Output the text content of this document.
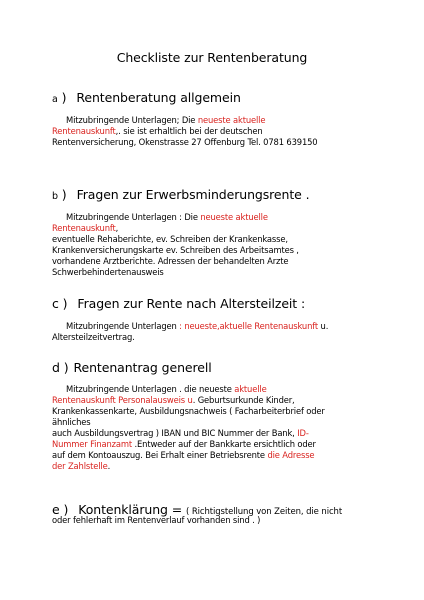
Checkliste zur Rentenberatung
a ) Rentenberatung allgemein
Mitzubringende Unterlagen; Die neueste aktuelle
Rentenauskunft,. sie ist erhaltlich bei der deutschen
Rentenversicherung, Okenstrasse 27 Offenburg Tel. 0781 639150
b ) Fragen zur Erwerbsminderungsrente .
Mitzubringende Unterlagen : Die neueste aktuelle
Rentenauskunft,
eventuelle Rehaberichte, ev. Schreiben der Krankenkasse,
Krankenversicherungskarte ev. Schreiben des Arbeitsamtes ,
vorhandene Arztberichte. Adressen der behandelten Arzte
Schwerbehindertenausweis
c ) Fragen zur Rente nach Altersteilzeit :
Mitzubringende Unterlagen : neueste,aktuelle Rentenauskunft u.
Altersteilzeitvertrag.
d ) Rentenantrag generell
Mitzubringende Unterlagen . die neueste aktuelle
Rentenauskunft Personalausweis u. Geburtsurkunde Kinder,
Krankenkassenkarte, Ausbildungsnachweis ( Facharbeiterbrief oder
ähnliches
auch Ausbildungsvertrag ) IBAN und BIC Nummer der Bank, ID-
Nummer Finanzamt .Entweder auf der Bankkarte ersichtlich oder
auf dem Kontoauszug. Bei Erhalt einer Betriebsrente die Adresse
der Zahlstelle.
e ) Kontenklärung = ( Richtigstellung von Zeiten, die nicht
oder fehlerhaft im Rentenverlauf vorhanden sind . )
